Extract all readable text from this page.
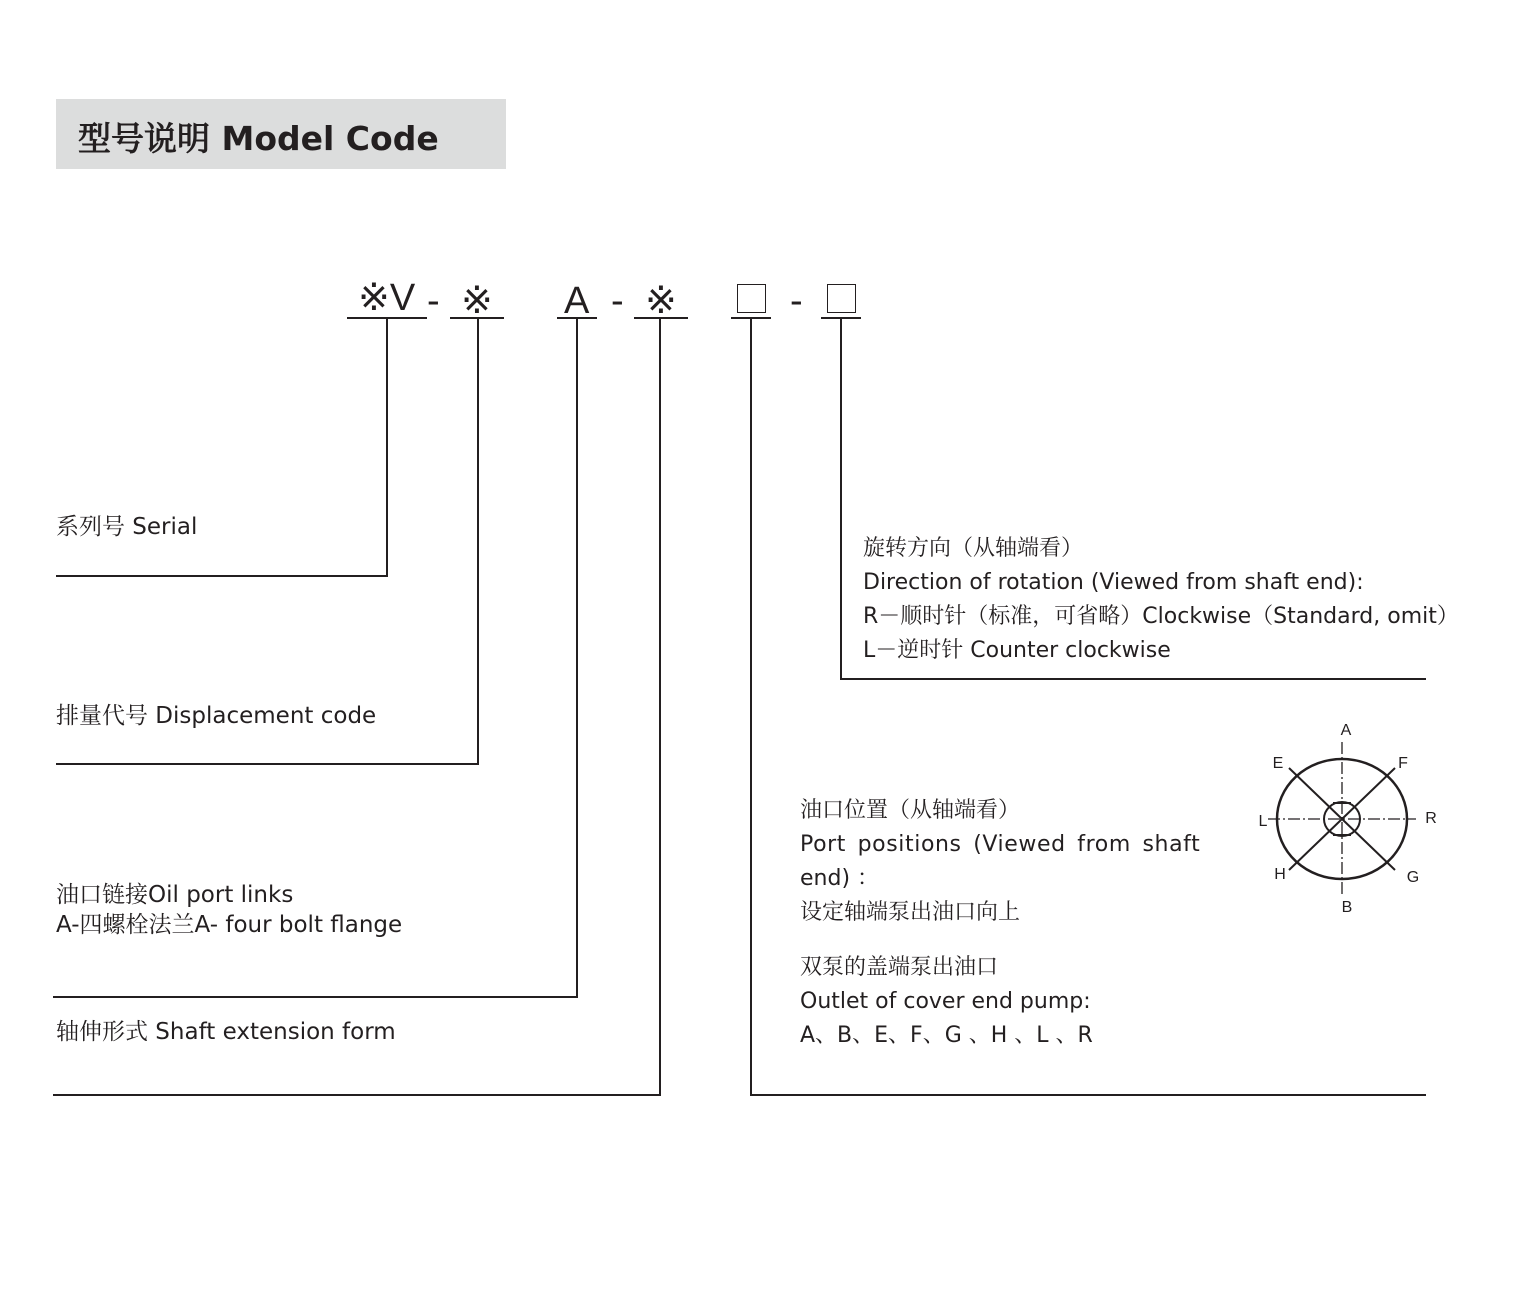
型号说明 Model Code
※V - ※ A - ※	-
A
B
E	F
G
H
L	R
系列号 Serial
排量代号 Displacement code
油口链接Oil port links
A-四螺栓法兰A- four bolt flange
轴伸形式 Shaft extension form
旋转方向（从轴端看）
Direction of rotation (Viewed from shaft end):
R－顺时针（标准，可省略）Clockwise（Standard, omit）
L－逆时针 Counter clockwise
油口位置（从轴端看）
Port positions (Viewed from shaft
end) ：
设定轴端泵出油口向上
双泵的盖端泵出油口
Outlet of cover end pump:
A、B、E、F、G 、H 、L 、R
